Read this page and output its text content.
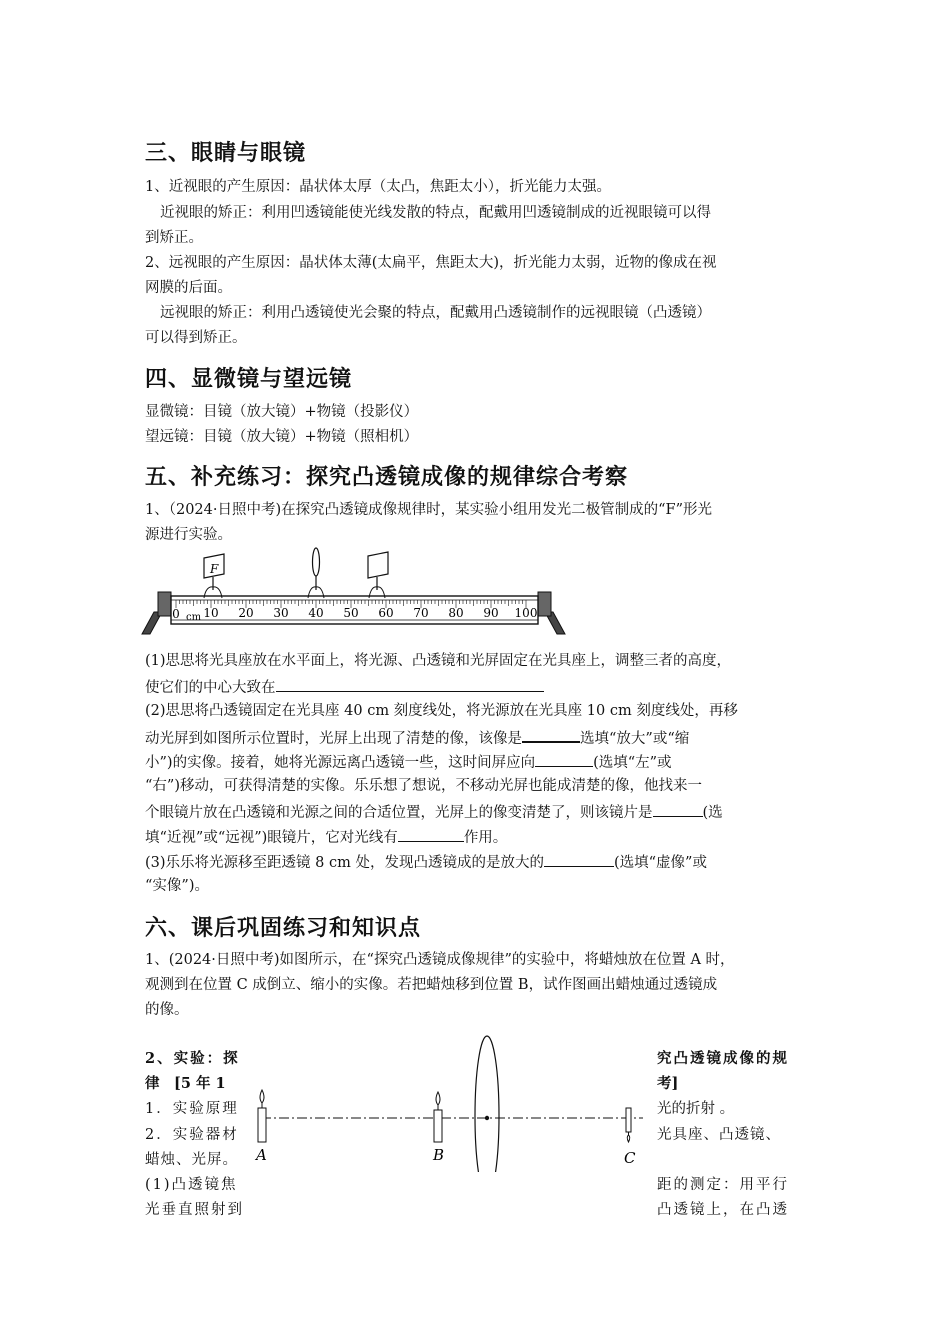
三、眼睛与眼镜
1、近视眼的产生原因：晶状体太厚（太凸，焦距太小），折光能力太强。
近视眼的矫正：利用凹透镜能使光线发散的特点，配戴用凹透镜制成的近视眼镜可以得
到矫正。
2、远视眼的产生原因：晶状体太薄(太扁平，焦距太大)，折光能力太弱，近物的像成在视
网膜的后面。
远视眼的矫正：利用凸透镜使光会聚的特点，配戴用凸透镜制作的远视眼镜（凸透镜）
可以得到矫正。
四、显微镜与望远镜
显微镜：目镜（放大镜）+物镜（投影仪）
望远镜：目镜（放大镜）+物镜（照相机）
五、补充练习：探究凸透镜成像的规律综合考察
1、（2024·日照中考)在探究凸透镜成像规律时，某实验小组用发光二极管制成的“F”形光
源进行实验。
0 cm 10 20 30 40 50 60 70 80 90 100
F
(1)思思将光具座放在水平面上，将光源、凸透镜和光屏固定在光具座上，调整三者的高度，
使它们的中心大致在
(2)思思将凸透镜固定在光具座 40 cm 刻度线处，将光源放在光具座 10 cm 刻度线处，再移
动光屏到如图所示位置时，光屏上出现了清楚的像，该像是	选填“放大”或“缩
小”)的实像。接着，她将光源远离凸透镜一些，这时间屏应向	(选填“左”或
“右”)移动，可获得清楚的实像。乐乐想了想说，不移动光屏也能成清楚的像，他找来一
个眼镜片放在凸透镜和光源之间的合适位置，光屏上的像变清楚了，则该镜片是	(选
填“近视”或“远视”)眼镜片，它对光线有	作用。
(3)乐乐将光源移至距透镜 8 cm 处，发现凸透镜成的是放大的	(选填“虚像”或
“实像”)。
六、课后巩固练习和知识点
1、(2024·日照中考)如图所示，在“探究凸透镜成像规律”的实验中，将蜡烛放在位置 A 时，
观测到在位置 C 成倒立、缩小的实像。若把蜡烛移到位置 B，试作图画出蜡烛通过透镜成
的像。
2、实验：探
律　[5 年 1
1．实验原理
2．实验器材
蜡烛、光屏。
(1)凸透镜焦
光垂直照射到
究凸透镜成像的规
考]
光的折射 。
光具座、凸透镜、
距的测定：用平行
凸透镜上，在凸透
A	B	C
